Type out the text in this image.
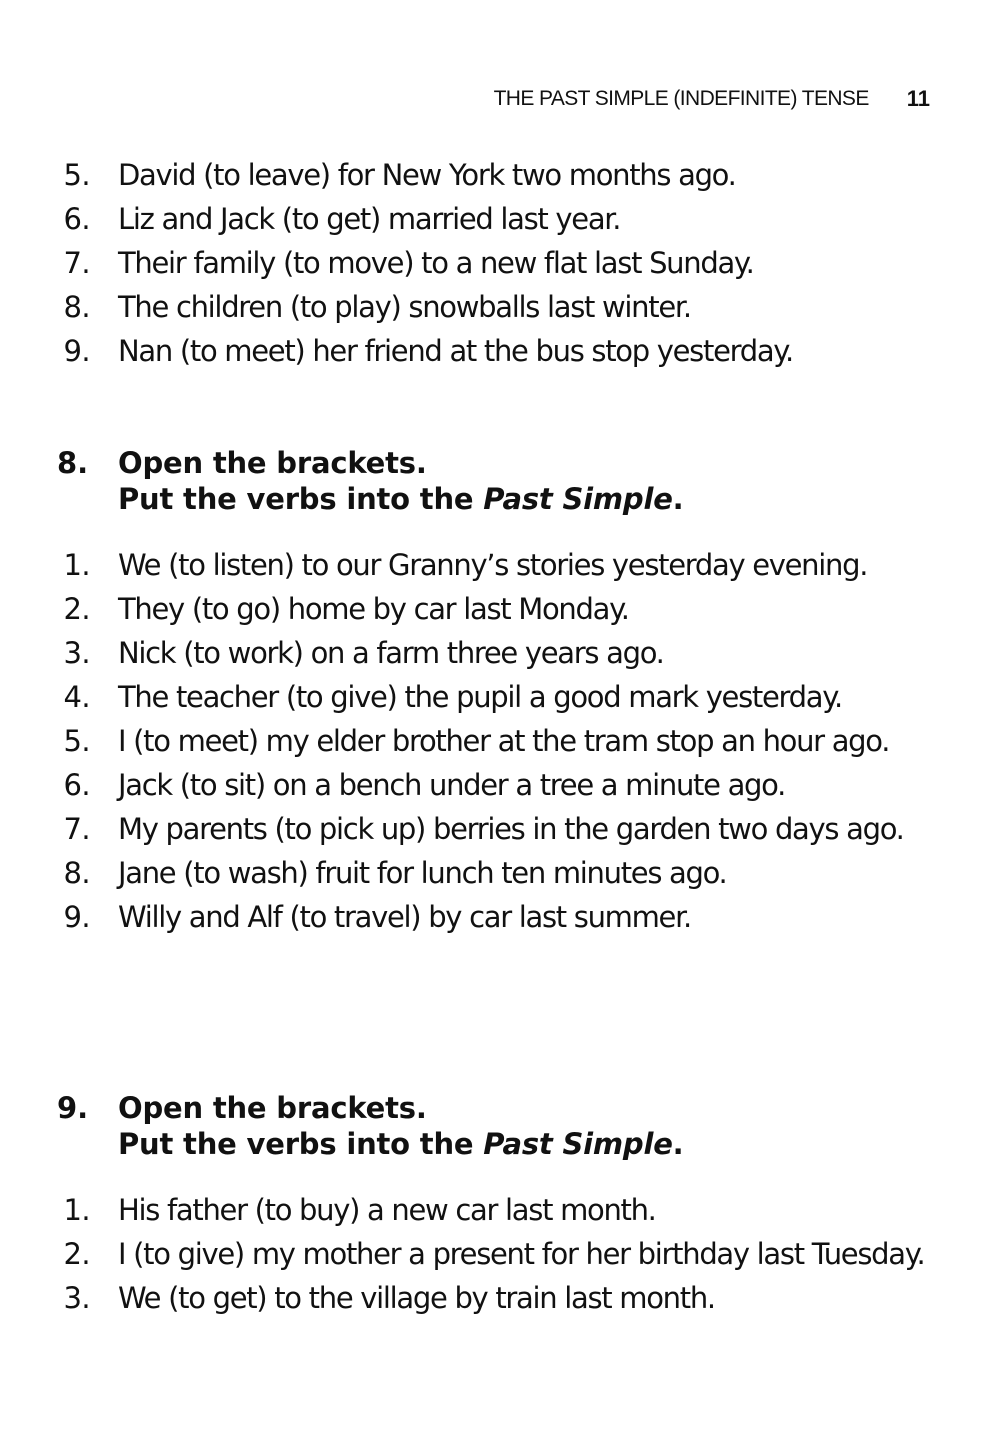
THE PAST SIMPLE (INDEFINITE) TENSE 11
5. David (to leave) for New York two months ago.
6. Liz and Jack (to get) married last year.
7. Their family (to move) to a new flat last Sunday.
8. The children (to play) snowballs last winter.
9. Nan (to meet) her friend at the bus stop yesterday.
8.	Open the brackets.
Put the verbs into the Past Simple.
1. We (to listen) to our Granny’s stories yesterday evening.
2. They (to go) home by car last Monday.
3. Nick (to work) on a farm three years ago.
4. The teacher (to give) the pupil a good mark yesterday.
5. I (to meet) my elder brother at the tram stop an hour ago.
6. Jack (to sit) on a bench under a tree a minute ago.
7. My parents (to pick up) berries in the garden two days ago.
8. Jane (to wash) fruit for lunch ten minutes ago.
9. Willy and Alf (to travel) by car last summer.
9.	Open the brackets.
Put the verbs into the Past Simple.
1. His father (to buy) a new car last month.
2. I (to give) my mother a present for her birthday last Tuesday.
3. We (to get) to the village by train last month.
